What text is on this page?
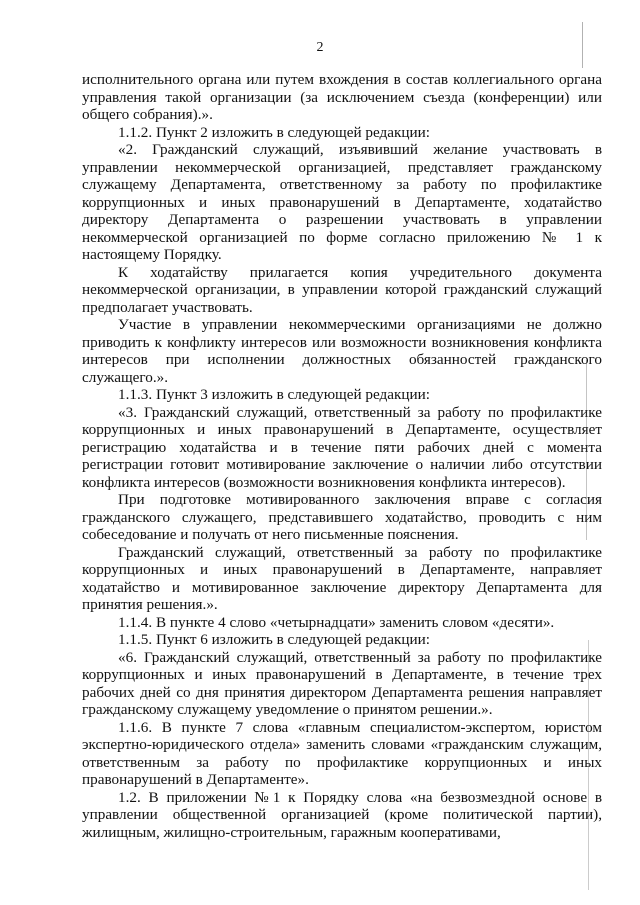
2

исполнительного органа или путем вхождения в состав коллегиального органа управления такой организации (за исключением съезда (конференции) или общего собрания).».

1.1.2. Пункт 2 изложить в следующей редакции:

«2. Гражданский служащий, изъявивший желание участвовать в управлении некоммерческой организацией, представляет гражданскому служащему Департамента, ответственному за работу по профилактике коррупционных и иных правонарушений в Департаменте, ходатайство директору Департамента о разрешении участвовать в управлении некоммерческой организацией по форме согласно приложению № 1 к настоящему Порядку.

К ходатайству прилагается копия учредительного документа некоммерческой организации, в управлении которой гражданский служащий предполагает участвовать.

Участие в управлении некоммерческими организациями не должно приводить к конфликту интересов или возможности возникновения конфликта интересов при исполнении должностных обязанностей гражданского служащего.».

1.1.3. Пункт 3 изложить в следующей редакции:

«3. Гражданский служащий, ответственный за работу по профилактике коррупционных и иных правонарушений в Департаменте, осуществляет регистрацию ходатайства и в течение пяти рабочих дней с момента регистрации готовит мотивирование заключение о наличии либо отсутствии конфликта интересов (возможности возникновения конфликта интересов).

При подготовке мотивированного заключения вправе с согласия гражданского служащего, представившего ходатайство, проводить с ним собеседование и получать от него письменные пояснения.

Гражданский служащий, ответственный за работу по профилактике коррупционных и иных правонарушений в Департаменте, направляет ходатайство и мотивированное заключение директору Департамента для принятия решения.».

1.1.4. В пункте 4 слово «четырнадцати» заменить словом «десяти».

1.1.5. Пункт 6 изложить в следующей редакции:

«6. Гражданский служащий, ответственный за работу по профилактике коррупционных и иных правонарушений в Департаменте, в течение трех рабочих дней со дня принятия директором Департамента решения направляет гражданскому служащему уведомление о принятом решении.».

1.1.6. В пункте 7 слова «главным специалистом-экспертом, юристом экспертно-юридического отдела» заменить словами «гражданским служащим, ответственным за работу по профилактике коррупционных и иных правонарушений в Департаменте».

1.2. В приложении №1 к Порядку слова «на безвозмездной основе в управлении общественной организацией (кроме политической партии), жилищным, жилищно-строительным, гаражным кооперативами,
